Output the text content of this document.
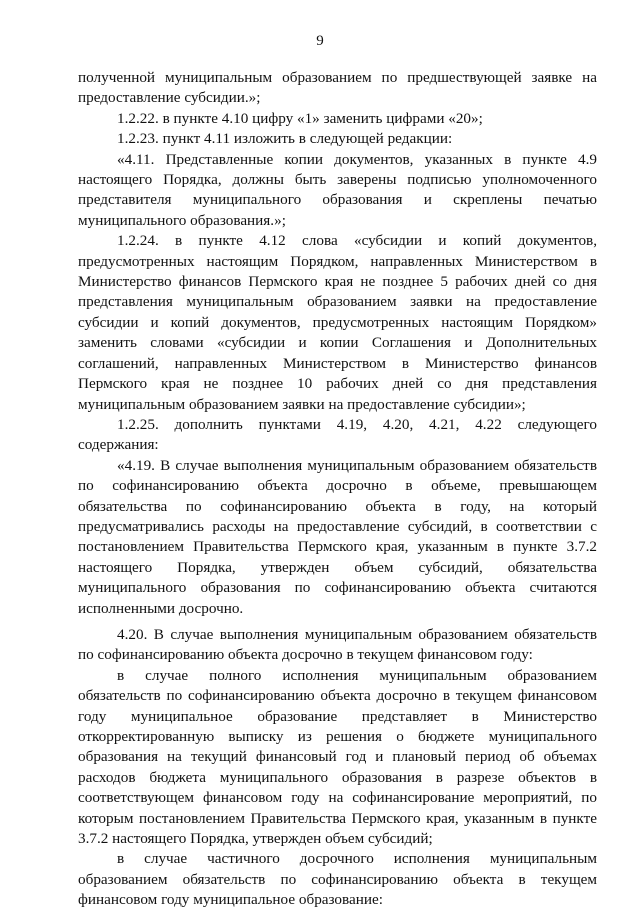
9

полученной муниципальным образованием по предшествующей заявке на предоставление субсидии.»;

1.2.22. в пункте 4.10 цифру «1» заменить цифрами «20»;

1.2.23. пункт 4.11 изложить в следующей редакции:

«4.11. Представленные копии документов, указанных в пункте 4.9 настоящего Порядка, должны быть заверены подписью уполномоченного представителя муниципального образования и скреплены печатью муниципального образования.»;

1.2.24. в пункте 4.12 слова «субсидии и копий документов, предусмотренных настоящим Порядком, направленных Министерством в Министерство финансов Пермского края не позднее 5 рабочих дней со дня представления муниципальным образованием заявки на предоставление субсидии и копий документов, предусмотренных настоящим Порядком» заменить словами «субсидии и копии Соглашения и Дополнительных соглашений, направленных Министерством в Министерство финансов Пермского края не позднее 10 рабочих дней со дня представления муниципальным образованием заявки на предоставление субсидии»;

1.2.25. дополнить пунктами 4.19, 4.20, 4.21, 4.22 следующего содержания:

«4.19. В случае выполнения муниципальным образованием обязательств по софинансированию объекта досрочно в объеме, превышающем обязательства по софинансированию объекта в году, на который предусматривались расходы на предоставление субсидий, в соответствии с постановлением Правительства Пермского края, указанным в пункте 3.7.2 настоящего Порядка, утвержден объем субсидий, обязательства муниципального образования по софинансированию объекта считаются исполненными досрочно.

4.20. В случае выполнения муниципальным образованием обязательств по софинансированию объекта досрочно в текущем финансовом году:

в случае полного исполнения муниципальным образованием обязательств по софинансированию объекта досрочно в текущем финансовом году муниципальное образование представляет в Министерство откорректированную выписку из решения о бюджете муниципального образования на текущий финансовый год и плановый период об объемах расходов бюджета муниципального образования в разрезе объектов в соответствующем финансовом году на софинансирование мероприятий, по которым постановлением Правительства Пермского края, указанным в пункте 3.7.2 настоящего Порядка, утвержден объем субсидий;

в случае частичного досрочного исполнения муниципальным образованием обязательств по софинансированию объекта в текущем финансовом году муниципальное образование:
